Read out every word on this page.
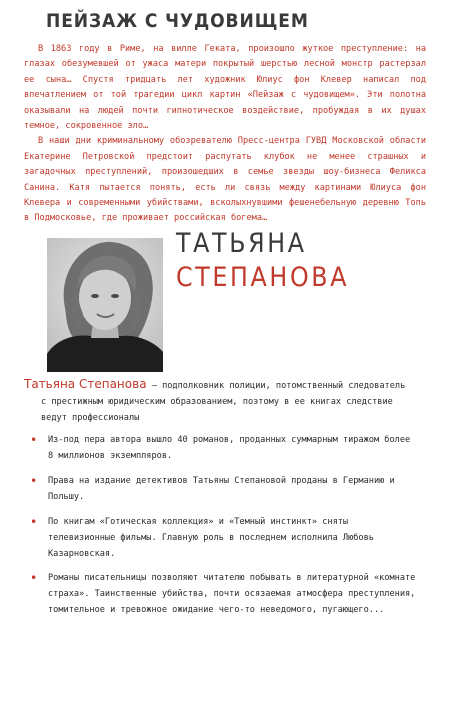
ПЕЙЗАЖ С ЧУДОВИЩЕМ

В 1863 году в Риме, на вилле Геката, произошло жуткое преступление: на глазах обезумевшей от ужаса матери покрытый шерстью лесной монстр растерзал ее сына… Спустя тридцать лет художник Юлиус фон Клевер написал под впечатлением от той трагедии цикл картин «Пейзаж с чудовищем». Эти полотна оказывали на людей почти гипнотическое воздействие, пробуждая в их душах темное, сокровенное зло…

В наши дни криминальному обозревателю Пресс-центра ГУВД Московской области Екатерине Петровской предстоит распутать клубок не менее страшных и загадочных преступлений, произошедших в семье звезды шоу-бизнеса Феликса Санина. Катя пытается понять, есть ли связь между картинами Юлиуса фон Клевера и современными убийствами, всколыхнувшими фешенебельную деревню Топь в Подмосковье, где проживает российская богема…

ТАТЬЯНА
СТЕПАНОВА
Татьяна Степанова – подполковник полиции, потомственный следователь
с престижным юридическим образованием, поэтому в ее книгах следствие
ведут профессионалы
• Из-под пера автора вышло 40 романов, проданных суммарным тиражом более 8 миллионов экземпляров.
• Права на издание детективов Татьяны Степановой проданы в Германию и Польшу.
• По книгам «Готическая коллекция» и «Темный инстинкт» сняты телевизионные фильмы. Главную роль в последнем исполнила Любовь Казарновская.
• Романы писательницы позволяют читателю побывать в литературной «комнате страха». Таинственные убийства, почти осязаемая атмосфера преступления, томительное и тревожное ожидание чего-то неведомого, пугающего...
